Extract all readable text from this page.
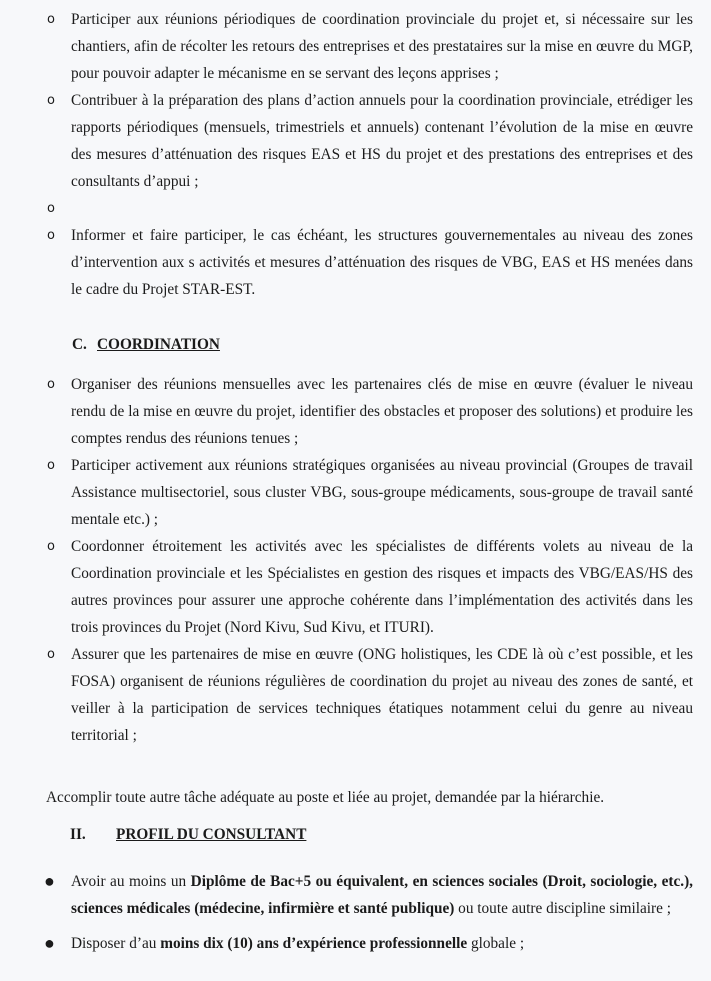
o Participer aux réunions périodiques de coordination provinciale du projet et, si nécessaire sur les chantiers, afin de récolter les retours des entreprises et des prestataires sur la mise en œuvre du MGP, pour pouvoir adapter le mécanisme en se servant des leçons apprises ;
o Contribuer à la préparation des plans d’action annuels pour la coordination provinciale, etrédiger les rapports périodiques (mensuels, trimestriels et annuels) contenant l’évolution de la mise en œuvre des mesures d’atténuation des risques EAS et HS du projet et des prestations des entreprises et des consultants d’appui ;
o
o Informer et faire participer, le cas échéant, les structures gouvernementales au niveau des zones d’intervention aux s activités et mesures d’atténuation des risques de VBG, EAS et HS menées dans le cadre du Projet STAR-EST.
C. COORDINATION
o Organiser des réunions mensuelles avec les partenaires clés de mise en œuvre (évaluer le niveau rendu de la mise en œuvre du projet, identifier des obstacles et proposer des solutions) et produire les comptes rendus des réunions tenues ;
o Participer activement aux réunions stratégiques organisées au niveau provincial (Groupes de travail Assistance multisectoriel, sous cluster VBG, sous-groupe médicaments, sous-groupe de travail santé mentale etc.) ;
o Coordonner étroitement les activités avec les spécialistes de différents volets au niveau de la Coordination provinciale et les Spécialistes en gestion des risques et impacts des VBG/EAS/HS des autres provinces pour assurer une approche cohérente dans l’implémentation des activités dans les trois provinces du Projet (Nord Kivu, Sud Kivu, et ITURI).
o Assurer que les partenaires de mise en œuvre (ONG holistiques, les CDE là où c’est possible, et les FOSA) organisent de réunions régulières de coordination du projet au niveau des zones de santé, et veiller à la participation de services techniques étatiques notamment celui du genre au niveau territorial ;
Accomplir toute autre tâche adéquate au poste et liée au projet, demandée par la hiérarchie.
II. PROFIL DU CONSULTANT
● Avoir au moins un Diplôme de Bac+5 ou équivalent, en sciences sociales (Droit, sociologie, etc.), sciences médicales (médecine, infirmière et santé publique) ou toute autre discipline similaire ;
● Disposer d’au moins dix (10) ans d’expérience professionnelle globale ;
